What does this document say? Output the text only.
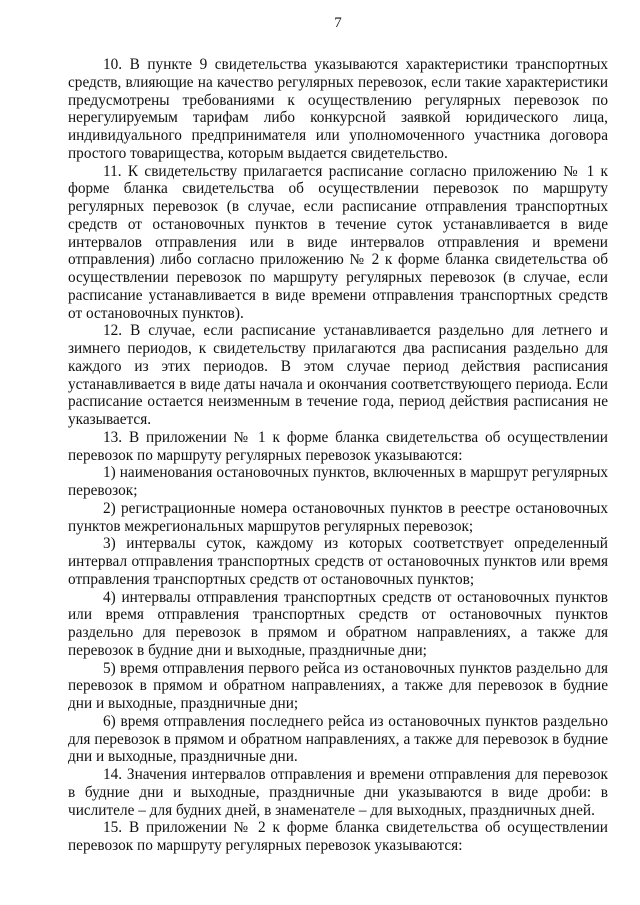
7

10. В пункте 9 свидетельства указываются характеристики транспортных средств, влияющие на качество регулярных перевозок, если такие характеристики предусмотрены требованиями к осуществлению регулярных перевозок по нерегулируемым тарифам либо конкурсной заявкой юридического лица, индивидуального предпринимателя или уполномоченного участника договора простого товарищества, которым выдается свидетельство.

11. К свидетельству прилагается расписание согласно приложению № 1 к форме бланка свидетельства об осуществлении перевозок по маршруту регулярных перевозок (в случае, если расписание отправления транспортных средств от остановочных пунктов в течение суток устанавливается в виде интервалов отправления или в виде интервалов отправления и времени отправления) либо согласно приложению № 2 к форме бланка свидетельства об осуществлении перевозок по маршруту регулярных перевозок (в случае, если расписание устанавливается в виде времени отправления транспортных средств от остановочных пунктов).

12. В случае, если расписание устанавливается раздельно для летнего и зимнего периодов, к свидетельству прилагаются два расписания раздельно для каждого из этих периодов. В этом случае период действия расписания устанавливается в виде даты начала и окончания соответствующего периода. Если расписание остается неизменным в течение года, период действия расписания не указывается.

13. В приложении № 1 к форме бланка свидетельства об осуществлении перевозок по маршруту регулярных перевозок указываются:

1) наименования остановочных пунктов, включенных в маршрут регулярных перевозок;

2) регистрационные номера остановочных пунктов в реестре остановочных пунктов межрегиональных маршрутов регулярных перевозок;

3) интервалы суток, каждому из которых соответствует определенный интервал отправления транспортных средств от остановочных пунктов или время отправления транспортных средств от остановочных пунктов;

4) интервалы отправления транспортных средств от остановочных пунктов или время отправления транспортных средств от остановочных пунктов раздельно для перевозок в прямом и обратном направлениях, а также для перевозок в будние дни и выходные, праздничные дни;

5) время отправления первого рейса из остановочных пунктов раздельно для перевозок в прямом и обратном направлениях, а также для перевозок в будние дни и выходные, праздничные дни;

6) время отправления последнего рейса из остановочных пунктов раздельно для перевозок в прямом и обратном направлениях, а также для перевозок в будние дни и выходные, праздничные дни.

14. Значения интервалов отправления и времени отправления для перевозок в будние дни и выходные, праздничные дни указываются в виде дроби: в числителе – для будних дней, в знаменателе – для выходных, праздничных дней.

15. В приложении № 2 к форме бланка свидетельства об осуществлении перевозок по маршруту регулярных перевозок указываются:
